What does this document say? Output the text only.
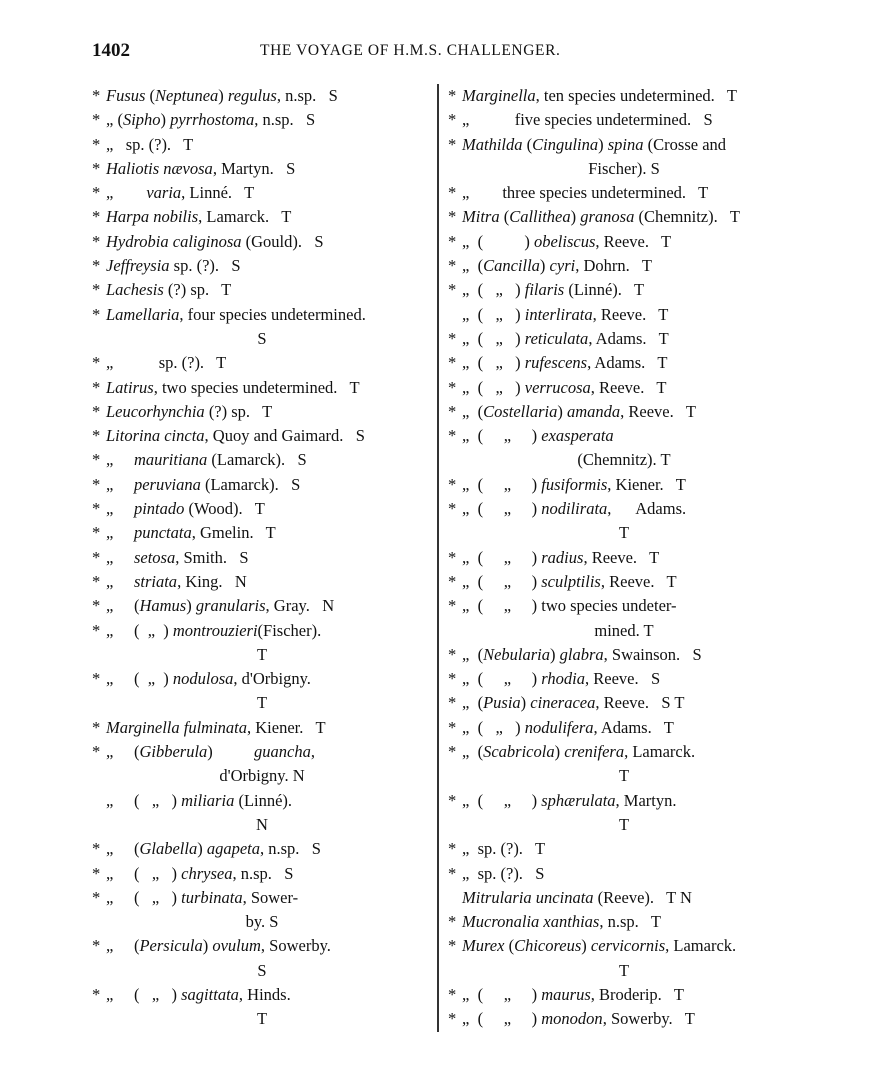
1402	THE VOYAGE OF H.M.S. CHALLENGER.
* Fusus (Neptunea) regulus, n.sp.   S
* „ (Sipho) pyrrhostoma, n.sp.   S
* „   sp. (?).   T
* Haliotis nævosa, Martyn.   S
* „        varia, Linné.   T
* Harpa nobilis, Lamarck.   T
* Hydrobia caliginosa (Gould).   S
* Jeffreysia sp. (?).   S
* Lachesis (?) sp.   T
* Lamellaria, four species undetermined.
S
* „           sp. (?).   T
* Latirus, two species undetermined.   T
* Leucorhynchia (?) sp.   T
* Litorina cincta, Quoy and Gaimard.   S
* „     mauritiana (Lamarck).   S
* „     peruviana (Lamarck).   S
* „     pintado (Wood).   T
* „     punctata, Gmelin.   T
* „     setosa, Smith.   S
* „     striata, King.   N
* „     (Hamus) granularis, Gray.   N
* „     (  „  ) montrouzieri(Fischer).
T
* „     (  „  ) nodulosa, d'Orbigny.
T
* Marginella fulminata, Kiener.   T
* „     (Gibberula)          guancha,
d'Orbigny. N
„     (   „   ) miliaria (Linné).
N
* „     (Glabella) agapeta, n.sp.   S
* „     (   „   ) chrysea, n.sp.   S
* „     (   „   ) turbinata, Sower-
by. S
* „     (Persicula) ovulum, Sowerby.
S
* „     (   „   ) sagittata, Hinds.
T
* Marginella, ten species undetermined.   T
* „           five species undetermined.   S
* Mathilda (Cingulina) spina (Crosse and
Fischer). S
* „        three species undetermined.   T
* Mitra (Callithea) granosa (Chemnitz).   T
* „  (          ) obeliscus, Reeve.   T
* „  (Cancilla) cyri, Dohrn.   T
* „  (   „   ) filaris (Linné).   T
„  (   „   ) interlirata, Reeve.   T
* „  (   „   ) reticulata, Adams.   T
* „  (   „   ) rufescens, Adams.   T
* „  (   „   ) verrucosa, Reeve.   T
* „  (Costellaria) amanda, Reeve.   T
* „  (     „     ) exasperata
(Chemnitz). T
* „  (     „     ) fusiformis, Kiener.   T
* „  (     „     ) nodilirata,      Adams.
T
* „  (     „     ) radius, Reeve.   T
* „  (     „     ) sculptilis, Reeve.   T
* „  (     „     ) two species undeter-
mined. T
* „  (Nebularia) glabra, Swainson.   S
* „  (     „     ) rhodia, Reeve.   S
* „  (Pusia) cineracea, Reeve.   S T
* „  (   „   ) nodulifera, Adams.   T
* „  (Scabricola) crenifera, Lamarck.
T
* „  (     „     ) sphærulata, Martyn.
T
* „  sp. (?).   T
* „  sp. (?).   S
Mitrularia uncinata (Reeve).   T N
* Mucronalia xanthias, n.sp.   T
* Murex (Chicoreus) cervicornis, Lamarck.
T
* „  (     „     ) maurus, Broderip.   T
* „  (     „     ) monodon, Sowerby.   T
